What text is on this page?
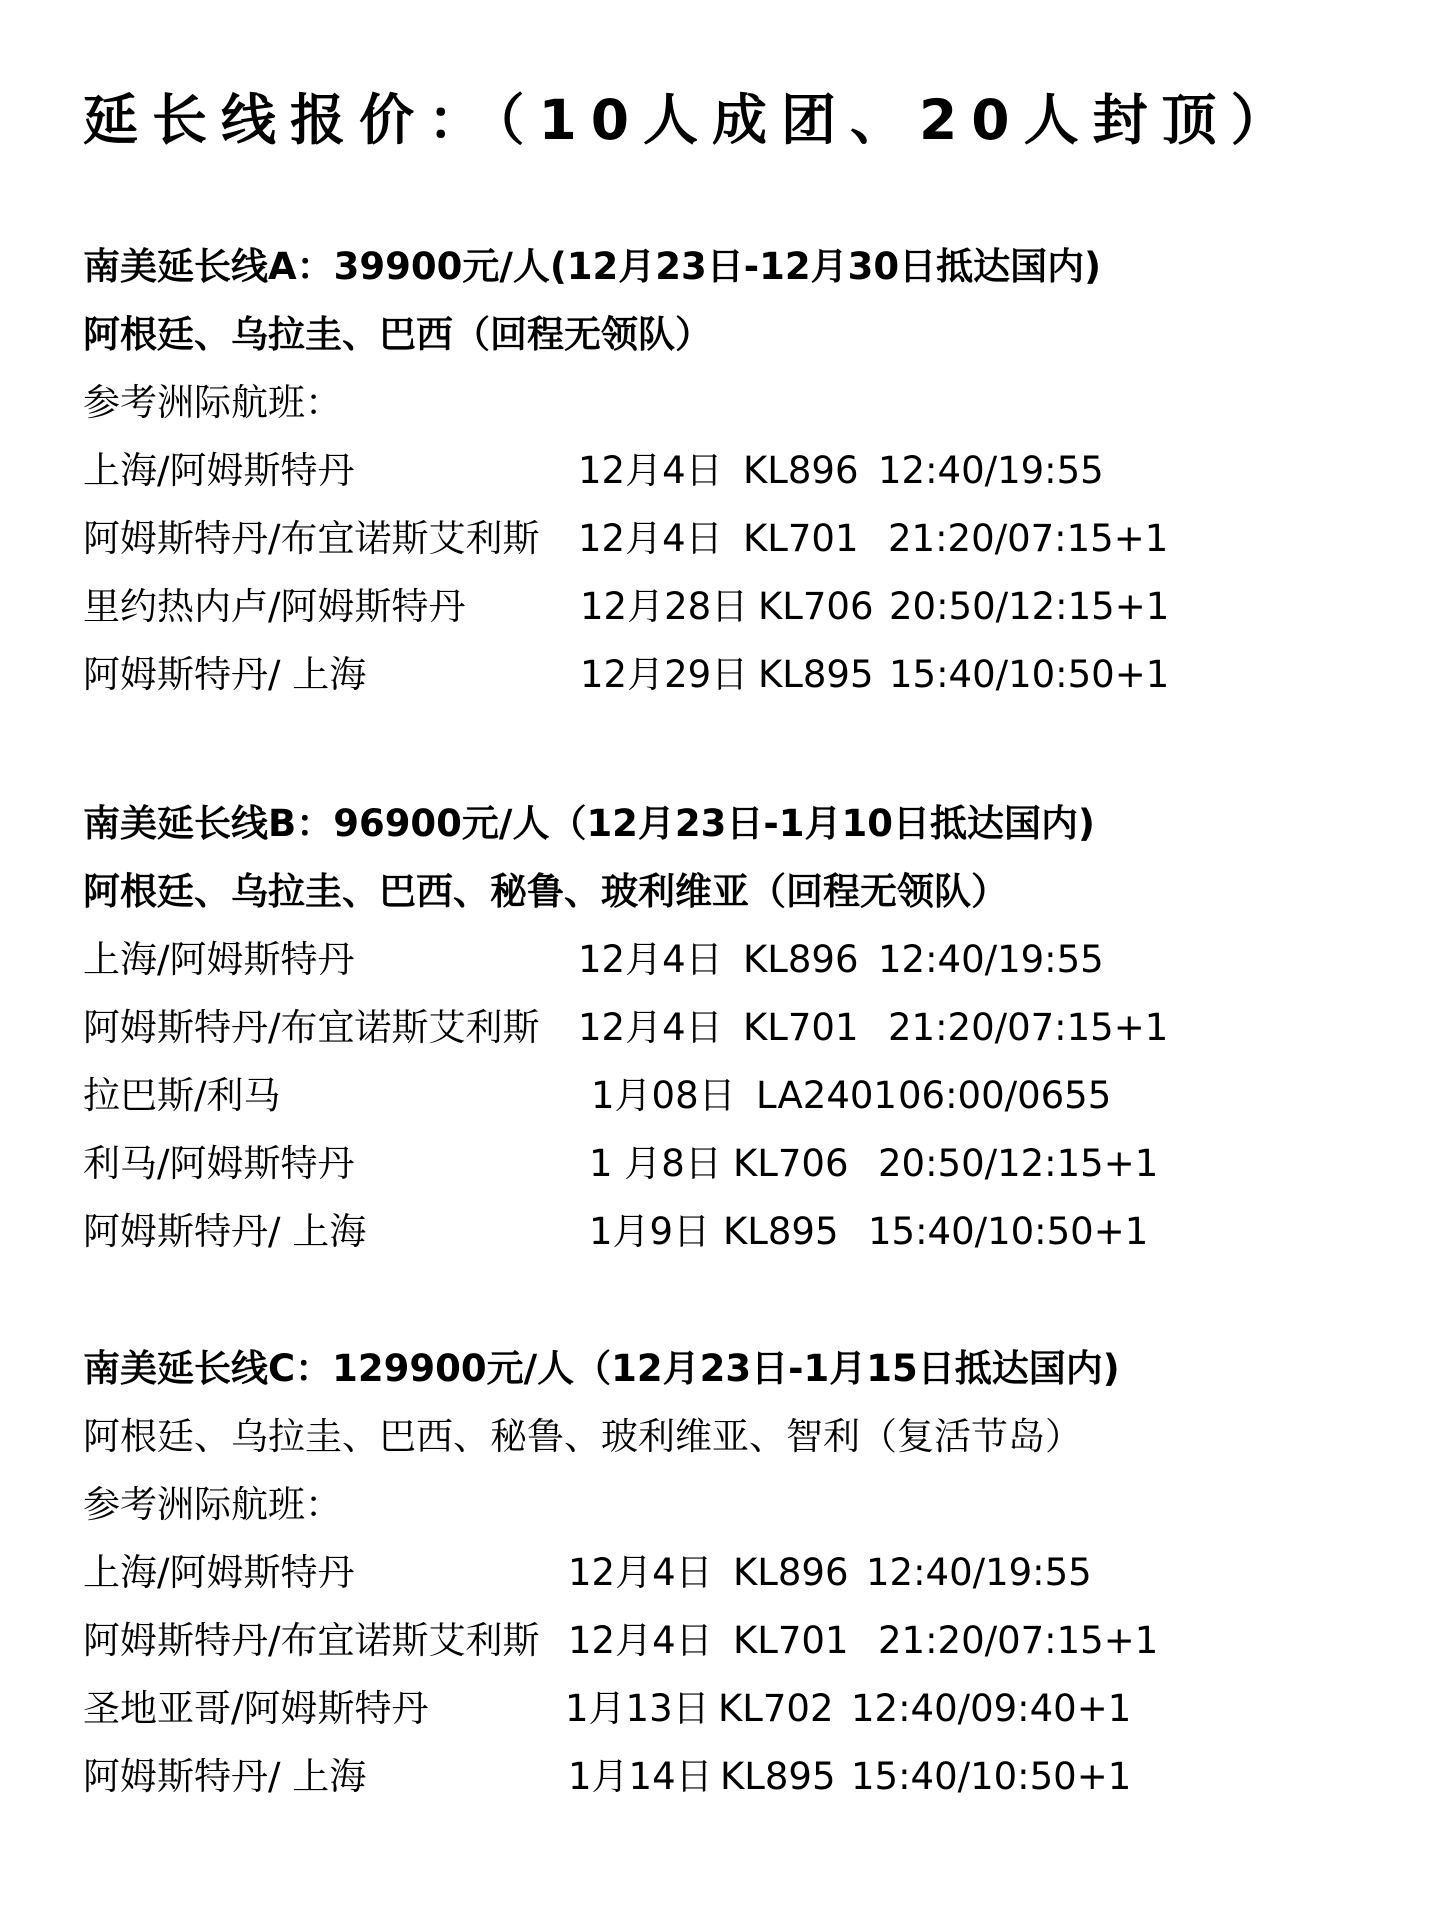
延长线报价：（10人成团、20人封顶）
南美延长线A：39900元/人(12月23日-12月30日抵达国内)
阿根廷、乌拉圭、巴西（回程无领队）
参考洲际航班：
上海/阿姆斯特丹	12月4日 KL896 12:40/19:55
阿姆斯特丹/布宜诺斯艾利斯 12月4日 KL701 21:20/07:15+1
里约热内卢/阿姆斯特丹	12月28日 KL706 20:50/12:15+1
阿姆斯特丹/ 上海	12月29日 KL895 15:40/10:50+1
南美延长线B：96900元/人（12月23日-1月10日抵达国内)
阿根廷、乌拉圭、巴西、秘鲁、玻利维亚（回程无领队）
上海/阿姆斯特丹	12月4日 KL896 12:40/19:55
阿姆斯特丹/布宜诺斯艾利斯 12月4日 KL701 21:20/07:15+1
拉巴斯/利马	1月08日 LA2401 06:00/0655
利马/阿姆斯特丹	1 月8日 KL706 20:50/12:15+1
阿姆斯特丹/ 上海	1月9日 KL895 15:40/10:50+1
南美延长线C：129900元/人（12月23日-1月15日抵达国内)
阿根廷、乌拉圭、巴西、秘鲁、玻利维亚、智利（复活节岛）
参考洲际航班：
上海/阿姆斯特丹	12月4日 KL896 12:40/19:55
阿姆斯特丹/布宜诺斯艾利斯 12月4日 KL701 21:20/07:15+1
圣地亚哥/阿姆斯特丹	1月13日 KL702 12:40/09:40+1
阿姆斯特丹/ 上海	1月14日 KL895 15:40/10:50+1
